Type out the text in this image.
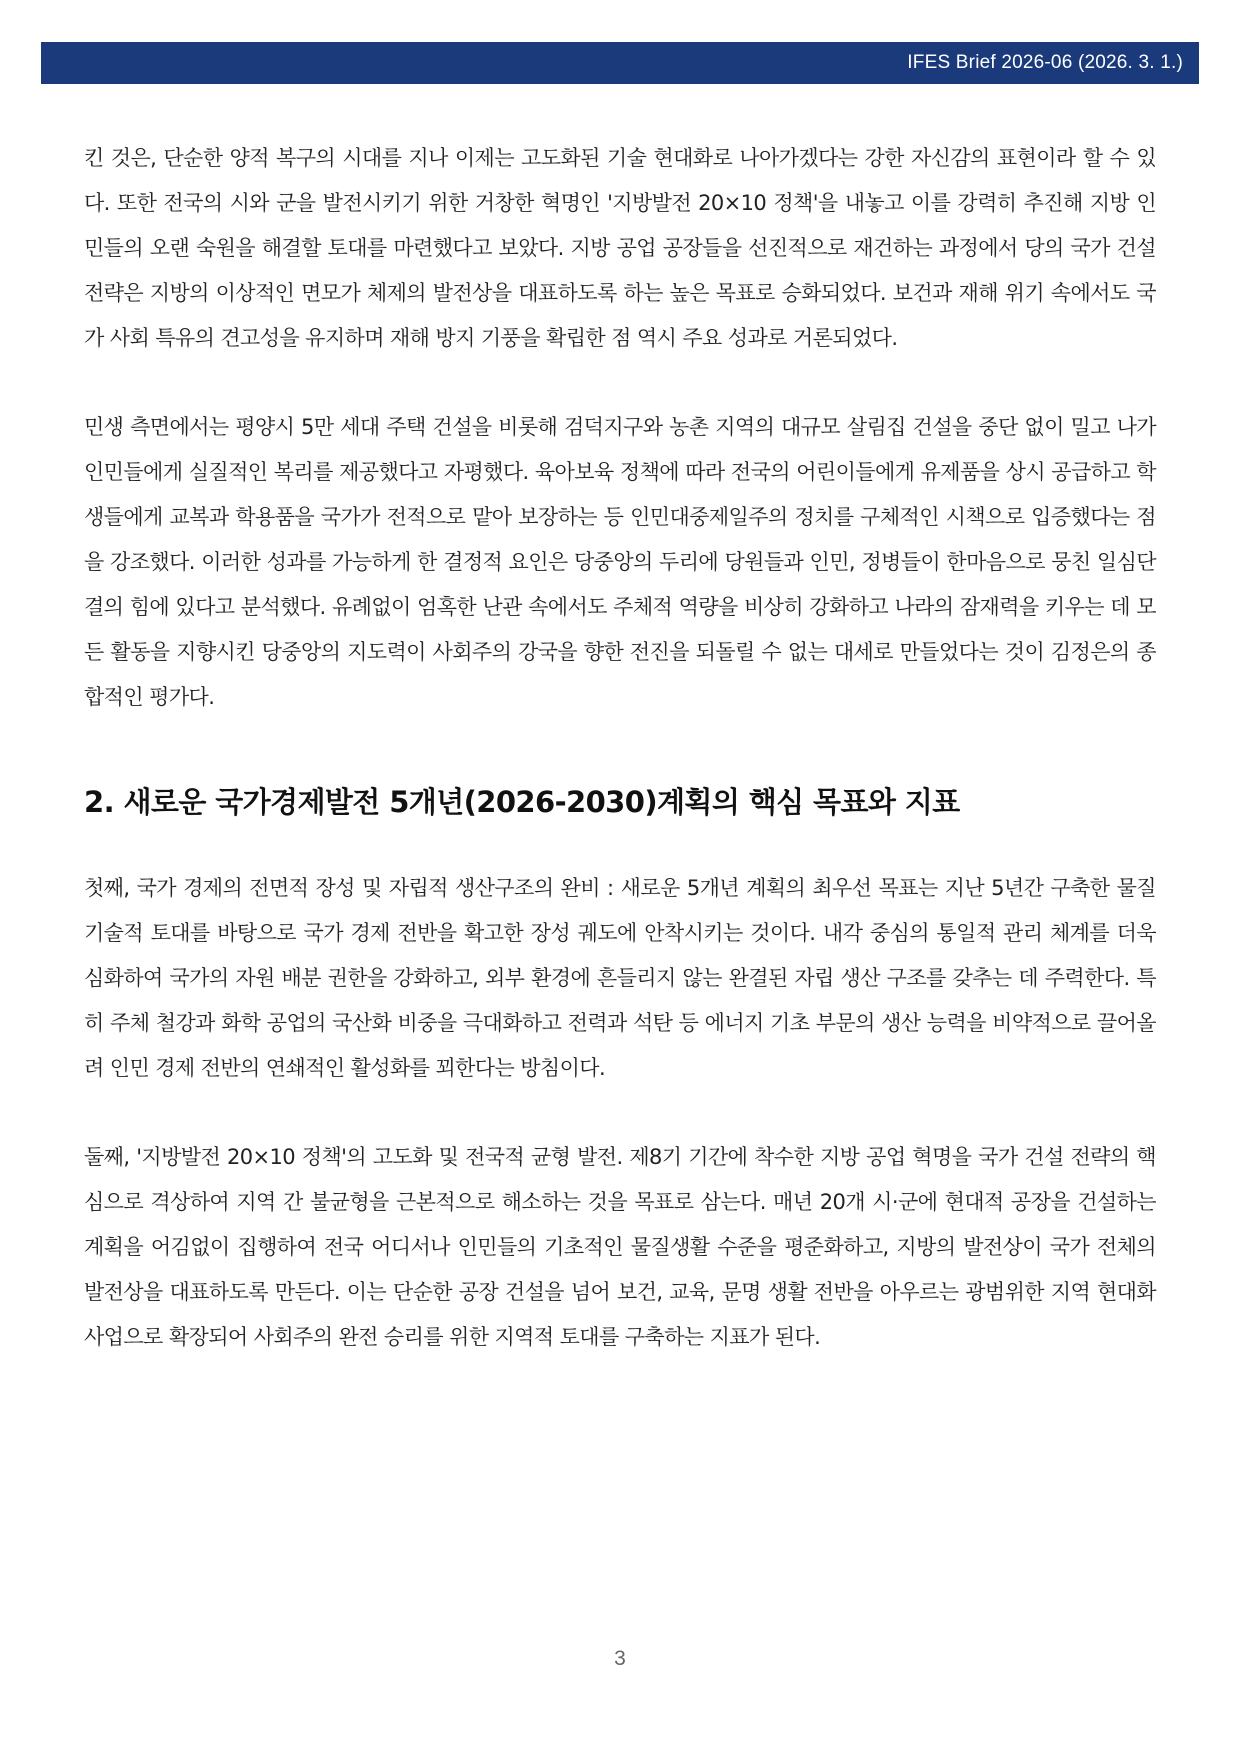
IFES Brief 2026-06 (2026. 3. 1.)

킨 것은, 단순한 양적 복구의 시대를 지나 이제는 고도화된 기술 현대화로 나아가겠다는 강한 자신감의 표현이라 할 수 있다. 또한 전국의 시와 군을 발전시키기 위한 거창한 혁명인 '지방발전 20×10 정책'을 내놓고 이를 강력히 추진해 지방 인민들의 오랜 숙원을 해결할 토대를 마련했다고 보았다. 지방 공업 공장들을 선진적으로 재건하는 과정에서 당의 국가 건설 전략은 지방의 이상적인 면모가 체제의 발전상을 대표하도록 하는 높은 목표로 승화되었다. 보건과 재해 위기 속에서도 국가 사회 특유의 견고성을 유지하며 재해 방지 기풍을 확립한 점 역시 주요 성과로 거론되었다.

민생 측면에서는 평양시 5만 세대 주택 건설을 비롯해 검덕지구와 농촌 지역의 대규모 살림집 건설을 중단 없이 밀고 나가 인민들에게 실질적인 복리를 제공했다고 자평했다. 육아보육 정책에 따라 전국의 어린이들에게 유제품을 상시 공급하고 학생들에게 교복과 학용품을 국가가 전적으로 맡아 보장하는 등 인민대중제일주의 정치를 구체적인 시책으로 입증했다는 점을 강조했다. 이러한 성과를 가능하게 한 결정적 요인은 당중앙의 두리에 당원들과 인민, 정병들이 한마음으로 뭉친 일심단결의 힘에 있다고 분석했다. 유례없이 엄혹한 난관 속에서도 주체적 역량을 비상히 강화하고 나라의 잠재력을 키우는 데 모든 활동을 지향시킨 당중앙의 지도력이 사회주의 강국을 향한 전진을 되돌릴 수 없는 대세로 만들었다는 것이 김정은의 종합적인 평가다.

2. 새로운 국가경제발전 5개년(2026-2030)계획의 핵심 목표와 지표

첫째, 국가 경제의 전면적 장성 및 자립적 생산구조의 완비 : 새로운 5개년 계획의 최우선 목표는 지난 5년간 구축한 물질기술적 토대를 바탕으로 국가 경제 전반을 확고한 장성 궤도에 안착시키는 것이다. 내각 중심의 통일적 관리 체계를 더욱 심화하여 국가의 자원 배분 권한을 강화하고, 외부 환경에 흔들리지 않는 완결된 자립 생산 구조를 갖추는 데 주력한다. 특히 주체 철강과 화학 공업의 국산화 비중을 극대화하고 전력과 석탄 등 에너지 기초 부문의 생산 능력을 비약적으로 끌어올려 인민 경제 전반의 연쇄적인 활성화를 꾀한다는 방침이다.

둘째, '지방발전 20×10 정책'의 고도화 및 전국적 균형 발전. 제8기 기간에 착수한 지방 공업 혁명을 국가 건설 전략의 핵심으로 격상하여 지역 간 불균형을 근본적으로 해소하는 것을 목표로 삼는다. 매년 20개 시·군에 현대적 공장을 건설하는 계획을 어김없이 집행하여 전국 어디서나 인민들의 기초적인 물질생활 수준을 평준화하고, 지방의 발전상이 국가 전체의 발전상을 대표하도록 만든다. 이는 단순한 공장 건설을 넘어 보건, 교육, 문명 생활 전반을 아우르는 광범위한 지역 현대화 사업으로 확장되어 사회주의 완전 승리를 위한 지역적 토대를 구축하는 지표가 된다.

3
